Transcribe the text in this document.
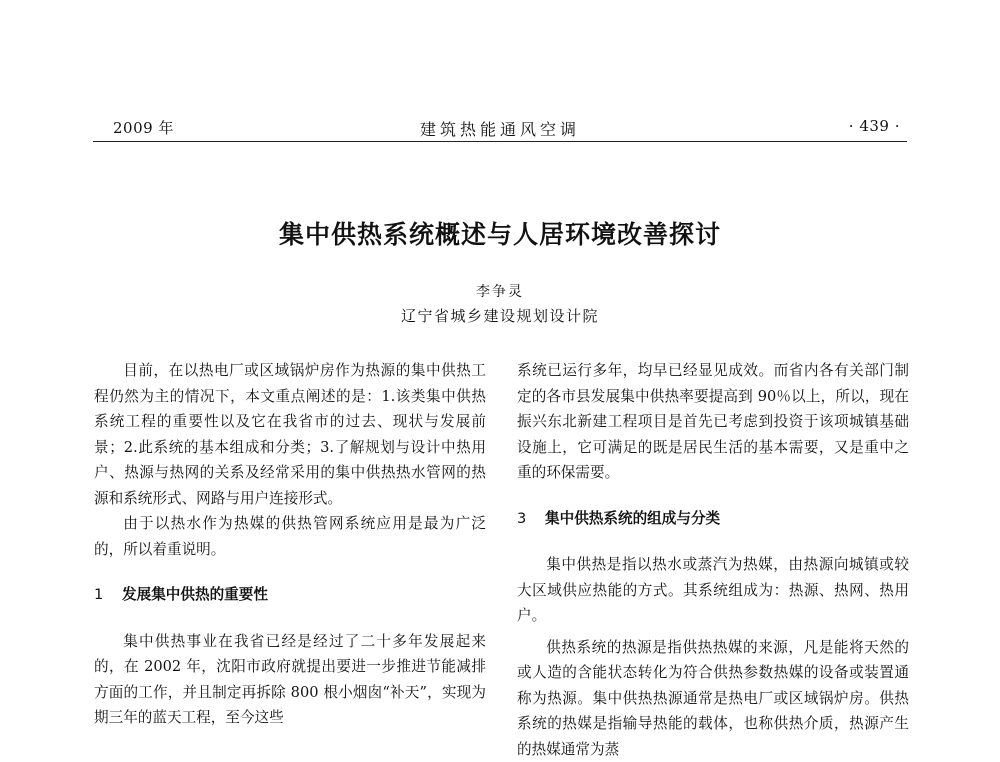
2009 年	建筑热能通风空调	· 439 ·
集中供热系统概述与人居环境改善探讨
李争灵
辽宁省城乡建设规划设计院

目前，在以热电厂或区域锅炉房作为热源的集中供热工程仍然为主的情况下，本文重点阐述的是：1.该类集中供热系统工程的重要性以及它在我省市的过去、现状与发展前景；2.此系统的基本组成和分类；3.了解规划与设计中热用户、热源与热网的关系及经常采用的集中供热热水管网的热源和系统形式、网路与用户连接形式。

由于以热水作为热媒的供热管网系统应用是最为广泛的，所以着重说明。

1 发展集中供热的重要性

集中供热事业在我省已经是经过了二十多年发展起来的，在 2002 年，沈阳市政府就提出要进一步推进节能减排方面的工作，并且制定再拆除 800 根小烟囱“补天”，实现为期三年的蓝天工程，至今这些

系统已运行多年，均早已经显见成效。而省内各有关部门制定的各市县发展集中供热率要提高到 90％以上，所以，现在振兴东北新建工程项目是首先已考虑到投资于该项城镇基础设施上，它可满足的既是居民生活的基本需要，又是重中之重的环保需要。

3 集中供热系统的组成与分类

集中供热是指以热水或蒸汽为热媒，由热源向城镇或较大区域供应热能的方式。其系统组成为：热源、热网、热用户。

供热系统的热源是指供热热媒的来源，凡是能将天然的或人造的含能状态转化为符合供热参数热媒的设备或装置通称为热源。集中供热热源通常是热电厂或区域锅炉房。供热系统的热媒是指输导热能的载体，也称供热介质，热源产生的热媒通常为蒸
